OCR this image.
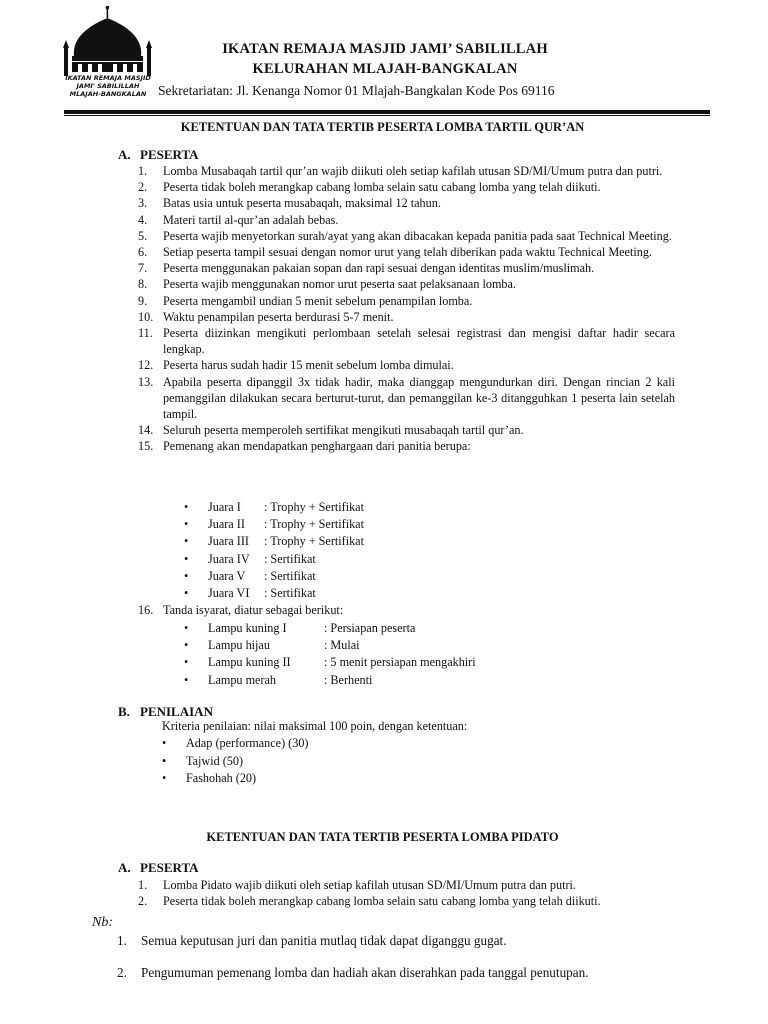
IKATAN REMAJA MASJID
JAMI' SABILILLAH
MLAJAH-BANGKALAN
IKATAN REMAJA MASJID JAMI’ SABILILLAH
KELURAHAN MLAJAH-BANGKALAN
Sekretariatan: Jl. Kenanga Nomor 01 Mlajah-Bangkalan Kode Pos 69116
KETENTUAN DAN TATA TERTIB PESERTA LOMBA TARTIL QUR’AN
A. PESERTA
1.	Lomba Musabaqah tartil qur’an wajib diikuti oleh setiap kafilah utusan SD/MI/Umum putra dan putri.
2.	Peserta tidak boleh merangkap cabang lomba selain satu cabang lomba yang telah diikuti.
3.	Batas usia untuk peserta musabaqah, maksimal 12 tahun.
4.	Materi tartil al-qur’an adalah bebas.
5.	Peserta wajib menyetorkan surah/ayat yang akan dibacakan kepada panitia pada saat Technical Meeting.
6.	Setiap peserta tampil sesuai dengan nomor urut yang telah diberikan pada waktu Technical Meeting.
7.	Peserta menggunakan pakaian sopan dan rapi sesuai dengan identitas muslim/muslimah.
8.	Peserta wajib menggunakan nomor urut peserta saat pelaksanaan lomba.
9.	Peserta mengambil undian 5 menit sebelum penampilan lomba.
10. Waktu penampilan peserta berdurasi 5-7 menit.
11. Peserta diizinkan mengikuti perlombaan setelah selesai registrasi dan mengisi daftar hadir secara lengkap.
12. Peserta harus sudah hadir 15 menit sebelum lomba dimulai.
13. Apabila peserta dipanggil 3x tidak hadir, maka dianggap mengundurkan diri. Dengan rincian 2 kali pemanggilan dilakukan secara berturut-turut, dan pemanggilan ke-3 ditangguhkan 1 peserta lain setelah tampil.
14. Seluruh peserta memperoleh sertifikat mengikuti musabaqah tartil qur’an.
15. Pemenang akan mendapatkan penghargaan dari panitia berupa:
•	Juara I	: Trophy + Sertifikat
•	Juara II	: Trophy + Sertifikat
•	Juara III	: Trophy + Sertifikat
•	Juara IV	: Sertifikat
•	Juara V	: Sertifikat
•	Juara VI	: Sertifikat
16. Tanda isyarat, diatur sebagai berikut:
•	Lampu kuning I	: Persiapan peserta
•	Lampu hijau	: Mulai
•	Lampu kuning II	: 5 menit persiapan mengakhiri
•	Lampu merah	: Berhenti
B. PENILAIAN
Kriteria penilaian: nilai maksimal 100 poin, dengan ketentuan:
•	Adap (performance) (30)
•	Tajwid (50)
•	Fashohah (20)
KETENTUAN DAN TATA TERTIB PESERTA LOMBA PIDATO
A. PESERTA
1.	Lomba Pidato wajib diikuti oleh setiap kafilah utusan SD/MI/Umum putra dan putri.
2.	Peserta tidak boleh merangkap cabang lomba selain satu cabang lomba yang telah diikuti.
Nb:
1.	Semua keputusan juri dan panitia mutlaq tidak dapat diganggu gugat.
2.	Pengumuman pemenang lomba dan hadiah akan diserahkan pada tanggal penutupan.
